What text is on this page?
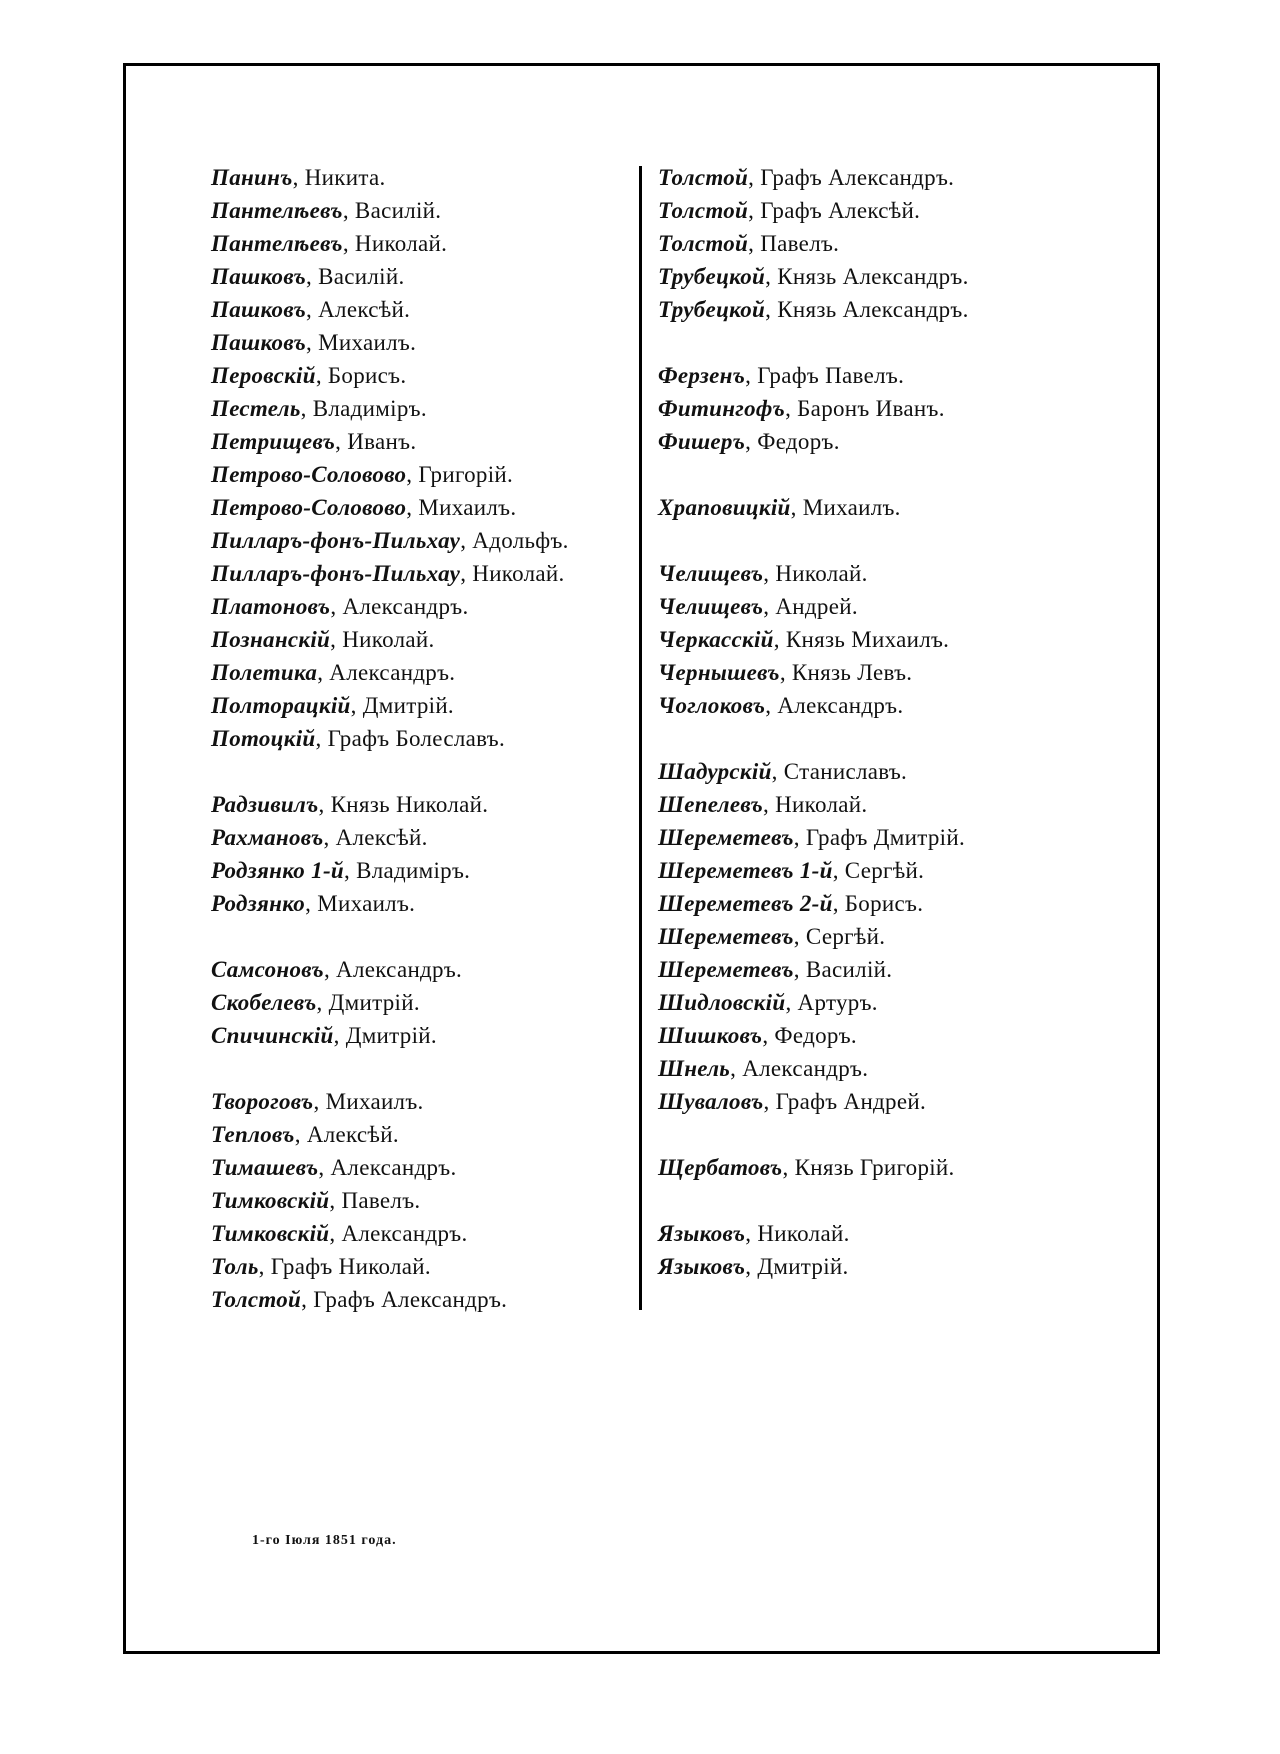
Панинъ, Никита.
Пантелѣевъ, Василій.
Пантелѣевъ, Николай.
Пашковъ, Василій.
Пашковъ, Алексѣй.
Пашковъ, Михаилъ.
Перовскій, Борисъ.
Пестель, Владиміръ.
Петрищевъ, Иванъ.
Петрово-Соловово, Григорій.
Петрово-Соловово, Михаилъ.
Пилларъ-фонъ-Пильхау, Адольфъ.
Пилларъ-фонъ-Пильхау, Николай.
Платоновъ, Александръ.
Познанскій, Николай.
Полетика, Александръ.
Полторацкій, Дмитрій.
Потоцкій, Графъ Болеславъ.
Радзивилъ, Князь Николай.
Рахмановъ, Алексѣй.
Родзянко 1-й, Владиміръ.
Родзянко, Михаилъ.
Самсоновъ, Александръ.
Скобелевъ, Дмитрій.
Спичинскій, Дмитрій.
Твороговъ, Михаилъ.
Тепловъ, Алексѣй.
Тимашевъ, Александръ.
Тимковскій, Павелъ.
Тимковскій, Александръ.
Толь, Графъ Николай.
Толстой, Графъ Александръ.
Толстой, Графъ Александръ.
Толстой, Графъ Алексѣй.
Толстой, Павелъ.
Трубецкой, Князь Александръ.
Трубецкой, Князь Александръ.
Ферзенъ, Графъ Павелъ.
Фитингофъ, Баронъ Иванъ.
Фишеръ, Федоръ.
Храповицкій, Михаилъ.
Челищевъ, Николай.
Челищевъ, Андрей.
Черкасскій, Князь Михаилъ.
Чернышевъ, Князь Левъ.
Чоглоковъ, Александръ.
Шадурскій, Станиславъ.
Шепелевъ, Николай.
Шереметевъ, Графъ Дмитрій.
Шереметевъ 1-й, Сергѣй.
Шереметевъ 2-й, Борисъ.
Шереметевъ, Сергѣй.
Шереметевъ, Василій.
Шидловскій, Артуръ.
Шишковъ, Федоръ.
Шнель, Александръ.
Шуваловъ, Графъ Андрей.
Щербатовъ, Князь Григорій.
Языковъ, Николай.
Языковъ, Дмитрій.
1-го Іюля 1851 года.
